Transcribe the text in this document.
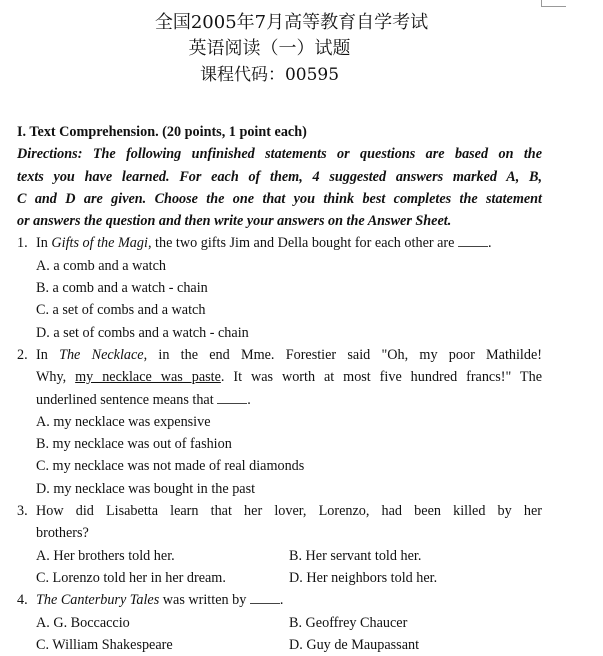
全国2005年7月高等教育自学考试
英语阅读（一）试题
课程代码：00595
I. Text Comprehension. (20 points, 1 point each)
Directions: The following unfinished statements or questions are based on the
texts you have learned. For each of them, 4 suggested answers marked A, B,
C and D are given. Choose the one that you think best completes the statement
or answers the question and then write your answers on the Answer Sheet.
1. In Gifts of the Magi, the two gifts Jim and Della bought for each other are .
A. a comb and a watch
B. a comb and a watch - chain
C. a set of combs and a watch
D. a set of combs and a watch - chain
2. In The Necklace, in the end Mme. Forestier said "Oh, my poor Mathilde!
Why, my necklace was paste. It was worth at most five hundred francs!" The
underlined sentence means that .
A. my necklace was expensive
B. my necklace was out of fashion
C. my necklace was not made of real diamonds
D. my necklace was bought in the past
3. How did Lisabetta learn that her lover, Lorenzo, had been killed by her
brothers?
A. Her brothers told her.	B. Her servant told her.
C. Lorenzo told her in her dream.	D. Her neighbors told her.
4. The Canterbury Tales was written by .
A. G. Boccaccio	B. Geoffrey Chaucer
C. William Shakespeare	D. Guy de Maupassant
